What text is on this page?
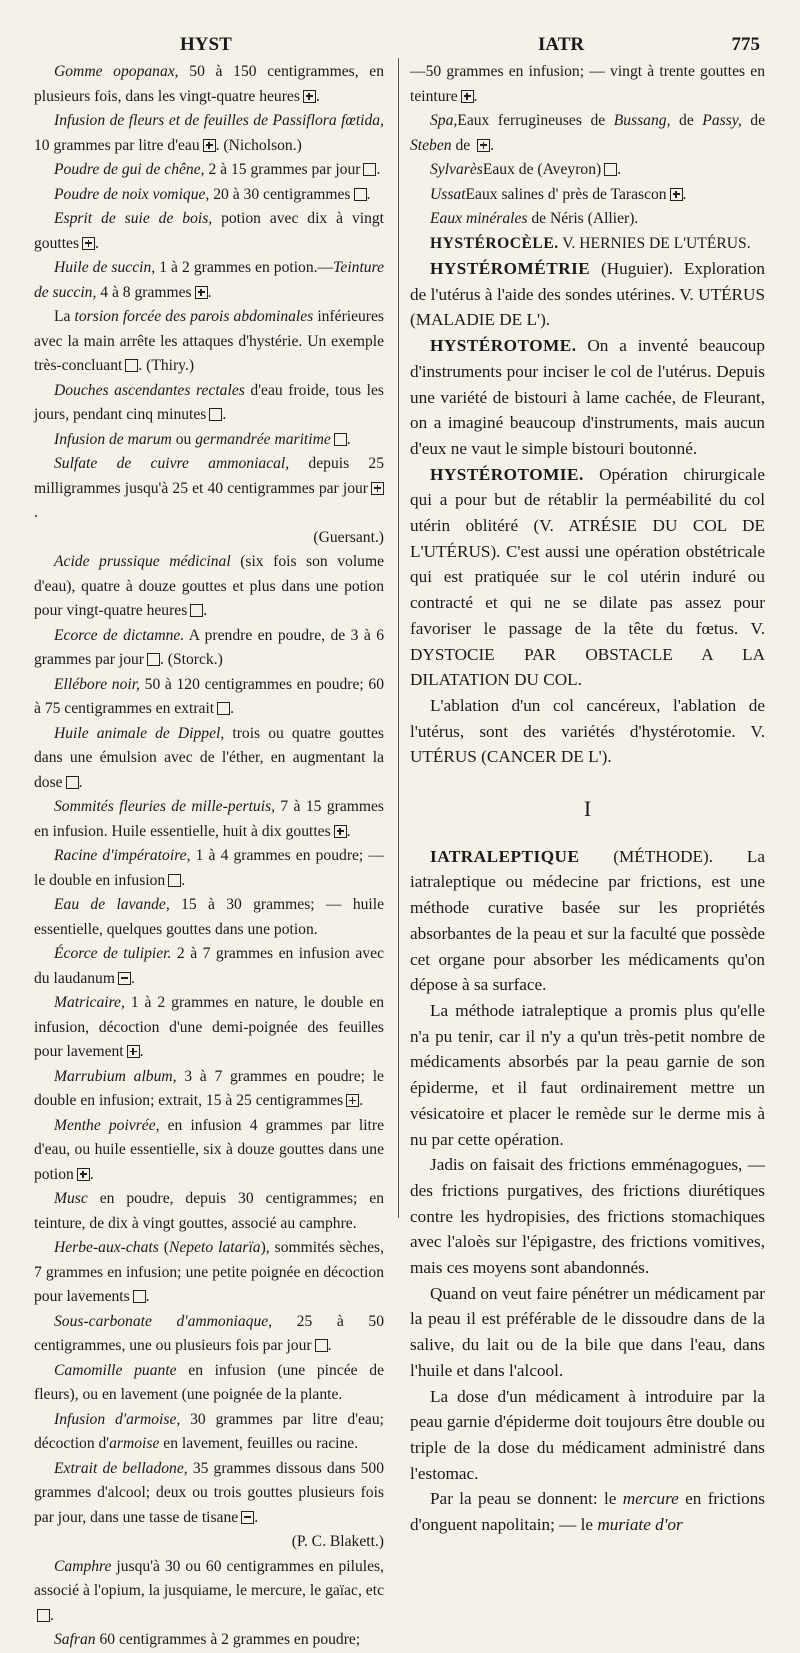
HYST	IATR	775

Gomme opopanax, 50 à 150 centigrammes, en plusieurs fois, dans les vingt-quatre heures .

Infusion de fleurs et de feuilles de Passiflora fœtida, 10 grammes par litre d'eau . (Nicholson.)

Poudre de gui de chêne, 2 à 15 grammes par jour .

Poudre de noix vomique, 20 à 30 centigrammes .

Esprit de suie de bois, potion avec dix à vingt gouttes .

Huile de succin, 1 à 2 grammes en potion.—Teinture de succin, 4 à 8 grammes .

La torsion forcée des parois abdominales inférieures avec la main arrête les attaques d'hystérie. Un exemple très-concluant . (Thiry.)

Douches ascendantes rectales d'eau froide, tous les jours, pendant cinq minutes .

Infusion de marum ou germandrée maritime .

Sulfate de cuivre ammoniacal, depuis 25 milligrammes jusqu'à 25 et 40 centigrammes par jour.

(Guersant.)

Acide prussique médicinal (six fois son volume d'eau), quatre à douze gouttes et plus dans une potion pour vingt-quatre heures .

Ecorce de dictamne. A prendre en poudre, de 3 à 6 grammes par jour . (Storck.)

Ellébore noir, 50 à 120 centigrammes en poudre; 60 à 75 centigrammes en extrait .

Huile animale de Dippel, trois ou quatre gouttes dans une émulsion avec de l'éther, en augmentant la dose .

Sommités fleuries de mille-pertuis, 7 à 15 grammes en infusion. Huile essentielle, huit à dix gouttes .

Racine d'impératoire, 1 à 4 grammes en poudre; — le double en infusion .

Eau de lavande, 15 à 30 grammes; — huile essentielle, quelques gouttes dans une potion.

Écorce de tulipier. 2 à 7 grammes en infusion avec du laudanum .

Matricaire, 1 à 2 grammes en nature, le double en infusion, décoction d'une demi-poignée des feuilles pour lavement .

Marrubium album, 3 à 7 grammes en poudre; le double en infusion; extrait, 15 à 25 centigrammes .

Menthe poivrée, en infusion 4 grammes par litre d'eau, ou huile essentielle, six à douze gouttes dans une potion .

Musc en poudre, depuis 30 centigrammes; en teinture, de dix à vingt gouttes, associé au camphre.

Herbe-aux-chats (Nepeto latarïa), sommités sèches, 7 grammes en infusion; une petite poignée en décoction pour lavements .

Sous-carbonate d'ammoniaque, 25 à 50 centigrammes, une ou plusieurs fois par jour .

Camomille puante en infusion (une pincée de fleurs), ou en lavement (une poignée de la plante.

Infusion d'armoise, 30 grammes par litre d'eau; décoction d'armoise en lavement, feuilles ou racine.

Extrait de belladone, 35 grammes dissous dans 500 grammes d'alcool; deux ou trois gouttes plusieurs fois par jour, dans une tasse de tisane .

(P. C. Blakett.)

Camphre jusqu'à 30 ou 60 centigrammes en pilules, associé à l'opium, la jusquiame, le mercure, le gaïac, etc.

Safran 60 centigrammes à 2 grammes en poudre;

—50 grammes en infusion; — vingt à trente gouttes en teinture .

Spa,Eaux ferrugineuses de Bussang, de Passy, de Steben de .

SylvarèsEaux de (Aveyron) .

UssatEaux salines d' près de Tarascon .

Eaux minérales de Néris (Allier).

HYSTÉROCÈLE. V. HERNIES DE L'UTÉRUS.

HYSTÉROMÉTRIE (Huguier). Exploration de l'utérus à l'aide des sondes utérines. V. UTÉRUS (MALADIE DE L').

HYSTÉROTOME. On a inventé beaucoup d'instruments pour inciser le col de l'utérus. Depuis une variété de bistouri à lame cachée, de Fleurant, on a imaginé beaucoup d'instruments, mais aucun d'eux ne vaut le simple bistouri boutonné.

HYSTÉROTOMIE. Opération chirurgicale qui a pour but de rétablir la perméabilité du col utérin oblitéré (V. ATRÉSIE DU COL DE L'UTÉRUS). C'est aussi une opération obstétricale qui est pratiquée sur le col utérin induré ou contracté et qui ne se dilate pas assez pour favoriser le passage de la tête du fœtus. V. DYSTOCIE PAR OBSTACLE A LA DILATATION DU COL.

L'ablation d'un col cancéreux, l'ablation de l'utérus, sont des variétés d'hystérotomie. V. UTÉRUS (CANCER DE L').

I

IATRALEPTIQUE (MÉTHODE). La iatraleptique ou médecine par frictions, est une méthode curative basée sur les propriétés absorbantes de la peau et sur la faculté que possède cet organe pour absorber les médicaments qu'on dépose à sa surface.

La méthode iatraleptique a promis plus qu'elle n'a pu tenir, car il n'y a qu'un très-petit nombre de médicaments absorbés par la peau garnie de son épiderme, et il faut ordinairement mettre un vésicatoire et placer le remède sur le derme mis à nu par cette opération.

Jadis on faisait des frictions emménagogues, — des frictions purgatives, des frictions diurétiques contre les hydropisies, des frictions stomachiques avec l'aloès sur l'épigastre, des frictions vomitives, mais ces moyens sont abandonnés.

Quand on veut faire pénétrer un médicament par la peau il est préférable de le dissoudre dans de la salive, du lait ou de la bile que dans l'eau, dans l'huile et dans l'alcool.

La dose d'un médicament à introduire par la peau garnie d'épiderme doit toujours être double ou triple de la dose du médicament administré dans l'estomac.

Par la peau se donnent: le mercure en frictions d'onguent napolitain; — le muriate d'or
